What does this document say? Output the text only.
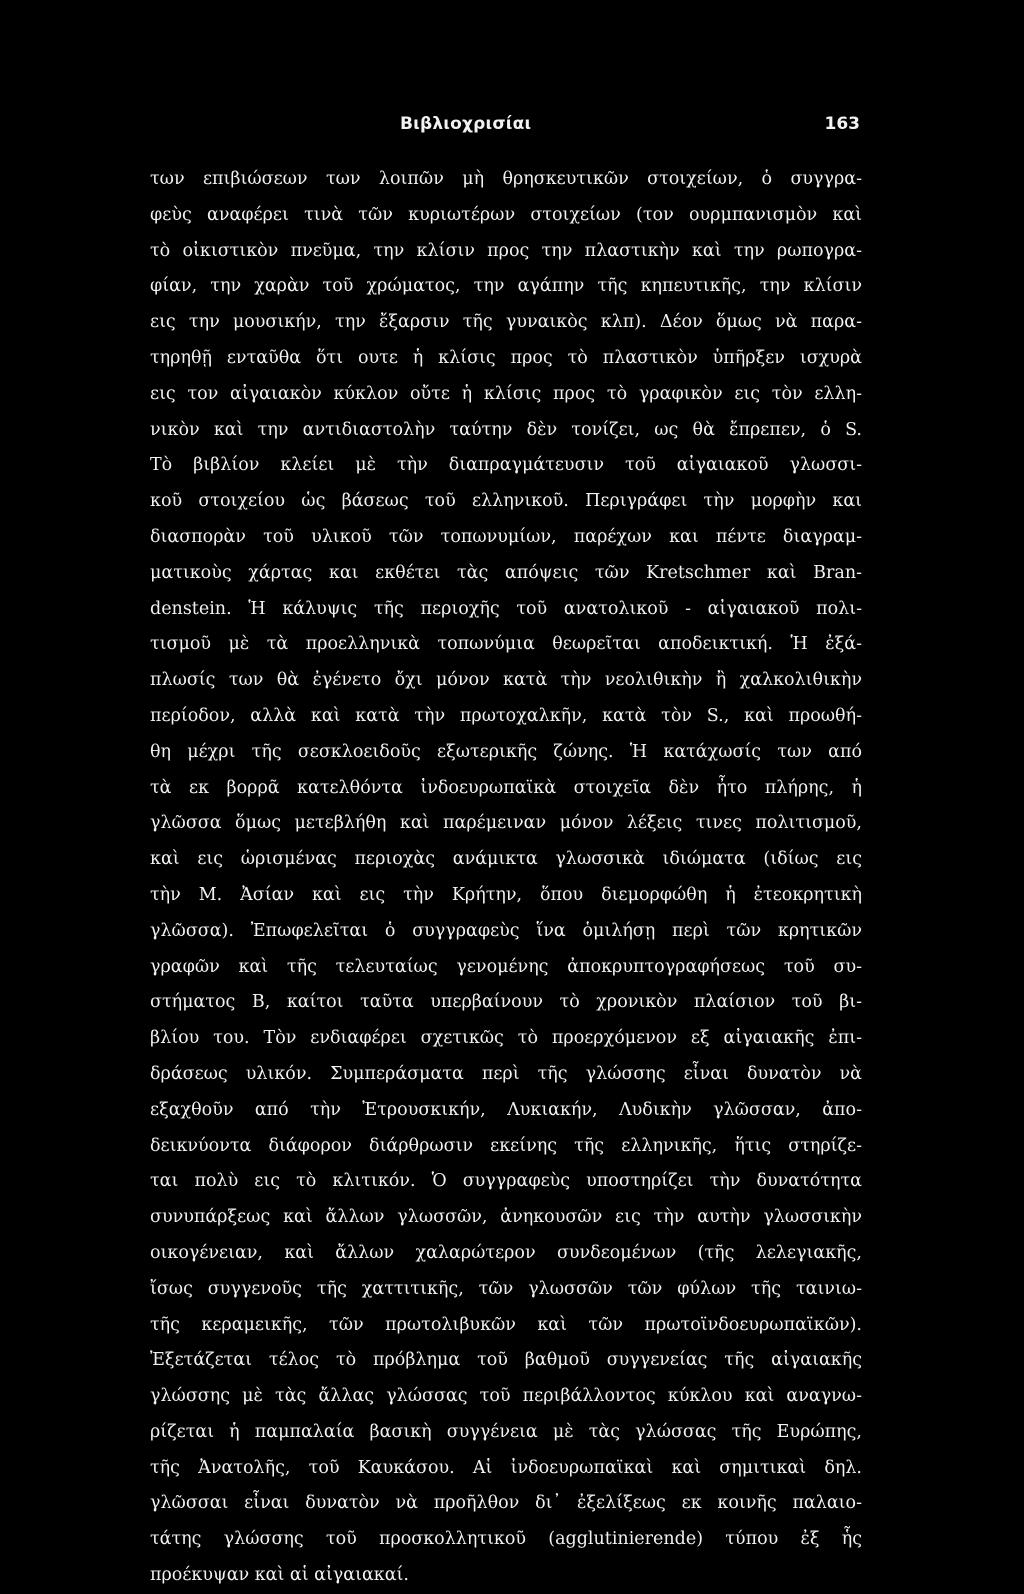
Βιβλιοχρισίαι	163
των επιβιώσεων των λοιπῶν μὴ θρησκευτικῶν στοιχείων, ὁ συγγρα-
φεὺς αναφέρει τινὰ τῶν κυριωτέρων στοιχείων (τον ουρμπανισμὸν καὶ
τὸ οἰκιστικὸν πνεῦμα, την κλίσιν προς την πλαστικὴν καὶ την ρωπογρα-
φίαν, την χαρὰν τοῦ χρώματος, την αγάπην τῆς κηπευτικῆς, την κλίσιν
εις την μουσικήν, την ἔξαρσιν τῆς γυναικὸς κλπ). Δέον ὅμως νὰ παρα-
τηρηθῇ ενταῦθα ὅτι ουτε ἡ κλίσις προς τὸ πλαστικὸν ὑπῆρξεν ισχυρὰ
εις τον αἰγαιακὸν κύκλον οὔτε ἡ κλίσις προς τὸ γραφικὸν εις τὸν ελλη-
νικὸν καὶ την αντιδιαστολὴν ταύτην δὲν τονίζει, ως θὰ ἔπρεπεν, ὁ S.
Τὸ βιβλίον κλείει μὲ τὴν διαπραγμάτευσιν τοῦ αἰγαιακοῦ γλωσσι-
κοῦ στοιχείου ὡς βάσεως τοῦ ελληνικοῦ. Περιγράφει τὴν μορφὴν και
διασπορὰν τοῦ υλικοῦ τῶν τοπωνυμίων, παρέχων και πέντε διαγραμ-
ματικοὺς χάρτας και εκθέτει τὰς απόψεις τῶν Kretschmer καὶ Bran-
denstein. Ἡ κάλυψις τῆς περιοχῆς τοῦ ανατολικοῦ - αἰγαιακοῦ πολι-
τισμοῦ μὲ τὰ προελληνικὰ τοπωνύμια θεωρεῖται αποδεικτική. Ἡ ἐξά-
πλωσίς των θὰ ἐγένετο ὄχι μόνον κατὰ τὴν νεολιθικὴν ἢ χαλκολιθικὴν
περίοδον, αλλὰ καὶ κατὰ τὴν πρωτοχαλκῆν, κατὰ τὸν S., καὶ προωθή-
θη μέχρι τῆς σεσκλοειδοῦς εξωτερικῆς ζώνης. Ἡ κατάχωσίς των από
τὰ εκ βορρᾶ κατελθόντα ἰνδοευρωπαϊκὰ στοιχεῖα δὲν ἦτο πλήρης, ἡ
γλῶσσα ὅμως μετεβλήθη καὶ παρέμειναν μόνον λέξεις τινες πολιτισμοῦ,
καὶ εις ὡρισμένας περιοχὰς ανάμικτα γλωσσικὰ ιδιώματα (ιδίως εις
τὴν Μ. Ἀσίαν καὶ εις τὴν Κρήτην, ὅπου διεμορφώθη ἡ ἐτεοκρητικὴ
γλῶσσα). Ἐπωφελεῖται ὁ συγγραφεὺς ἵνα ὁμιλήσῃ περὶ τῶν κρητικῶν
γραφῶν καὶ τῆς τελευταίως γενομένης ἀποκρυπτογραφήσεως τοῦ συ-
στήματος Β, καίτοι ταῦτα υπερβαίνουν τὸ χρονικὸν πλαίσιον τοῦ βι-
βλίου του. Τὸν ενδιαφέρει σχετικῶς τὸ προερχόμενον εξ αἰγαιακῆς ἐπι-
δράσεως υλικόν. Συμπεράσματα περὶ τῆς γλώσσης εἶναι δυνατὸν νὰ
εξαχθοῦν από τὴν Ἐτρουσκικήν, Λυκιακήν, Λυδικὴν γλῶσσαν, ἀπο-
δεικνύοντα διάφορον διάρθρωσιν εκείνης τῆς ελληνικῆς, ἥτις στηρίζε-
ται πολὺ εις τὸ κλιτικόν. Ὁ συγγραφεὺς υποστηρίζει τὴν δυνατότητα
συνυπάρξεως καὶ ἄλλων γλωσσῶν, ἀνηκουσῶν εις τὴν αυτὴν γλωσσικὴν
οικογένειαν, καὶ ἄλλων χαλαρώτερον συνδεομένων (τῆς λελεγιακῆς,
ἴσως συγγενοῦς τῆς χαττιτικῆς, τῶν γλωσσῶν τῶν φύλων τῆς ταινιω-
τῆς κεραμεικῆς, τῶν πρωτολιβυκῶν καὶ τῶν πρωτοϊνδοευρωπαϊκῶν).
Ἐξετάζεται τέλος τὸ πρόβλημα τοῦ βαθμοῦ συγγενείας τῆς αἰγαιακῆς
γλώσσης μὲ τὰς ἄλλας γλώσσας τοῦ περιβάλλοντος κύκλου καὶ αναγνω-
ρίζεται ἡ παμπαλαία βασικὴ συγγένεια μὲ τὰς γλώσσας τῆς Ευρώπης,
τῆς Ἀνατολῆς, τοῦ Καυκάσου. Αἱ ἰνδοευρωπαϊκαὶ καὶ σημιτικαὶ δηλ.
γλῶσσαι εἶναι δυνατὸν νὰ προῆλθον δι᾽ ἐξελίξεως εκ κοινῆς παλαιο-
τάτης γλώσσης τοῦ προσκολλητικοῦ (agglutinierende) τύπου ἐξ ἧς
προέκυψαν καὶ αἱ αἰγαιακαί.
